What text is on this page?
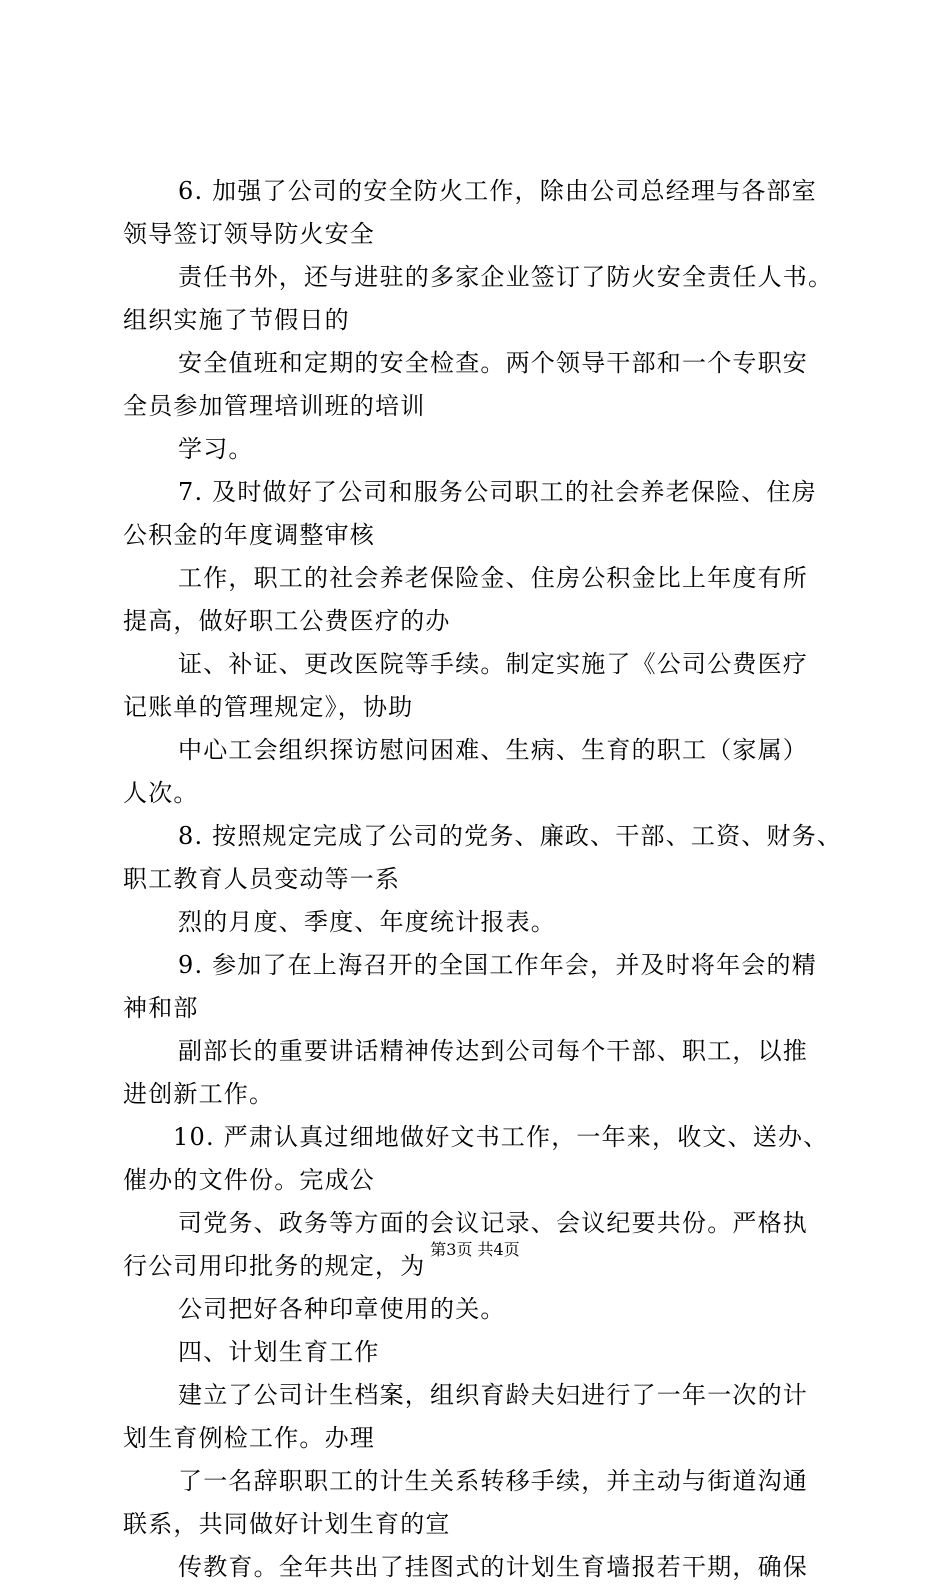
6. 加强了公司的安全防火工作，除由公司总经理与各部室
领导签订领导防火安全
责任书外，还与进驻的多家企业签订了防火安全责任人书。
组织实施了节假日的
安全值班和定期的安全检查。两个领导干部和一个专职安
全员参加管理培训班的培训
学习。
7. 及时做好了公司和服务公司职工的社会养老保险、住房
公积金的年度调整审核
工作，职工的社会养老保险金、住房公积金比上年度有所
提高，做好职工公费医疗的办
证、补证、更改医院等手续。制定实施了《公司公费医疗
记账单的管理规定》，协助
中心工会组织探访慰问困难、生病、生育的职工（家属）
人次。
8. 按照规定完成了公司的党务、廉政、干部、工资、财务、
职工教育人员变动等一系
烈的月度、季度、年度统计报表。
9. 参加了在上海召开的全国工作年会，并及时将年会的精
神和部
副部长的重要讲话精神传达到公司每个干部、职工，以推
进创新工作。
10. 严肃认真过细地做好文书工作，一年来，收文、送办、
催办的文件份。完成公
司党务、政务等方面的会议记录、会议纪要共份。严格执
行公司用印批务的规定，为
公司把好各种印章使用的关。
四、计划生育工作
建立了公司计生档案，组织育龄夫妇进行了一年一次的计
划生育例检工作。办理
了一名辞职职工的计生关系转移手续，并主动与街道沟通
联系，共同做好计划生育的宣
传教育。全年共出了挂图式的计划生育墙报若干期，确保
第3页 共4页
